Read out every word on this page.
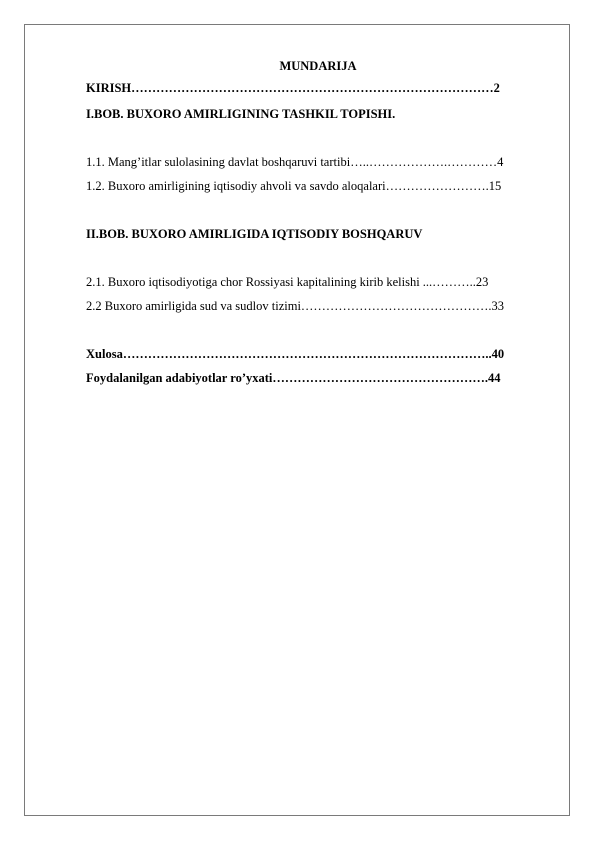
MUNDARIJA
KIRISH……………………………………………………………………………2
I.BOB. BUXORO AMIRLIGINING TASHKIL TOPISHI.
1.1. Mang’itlar sulolasining davlat boshqaruvi tartibi…..……………….…………4
1.2. Buxoro amirligining iqtisodiy ahvoli va savdo aloqalari…………………….15
II.BOB. BUXORO AMIRLIGIDA IQTISODIY BOSHQARUV
2.1. Buxoro iqtisodiyotiga chor Rossiyasi kapitalining kirib kelishi ...………..23
2.2 Buxoro amirligida sud va sudlov tizimi……………………………………….33
Xulosa……………………………………………………………………………..40
Foydalanilgan adabiyotlar ro’yxati…………………………………………….44
